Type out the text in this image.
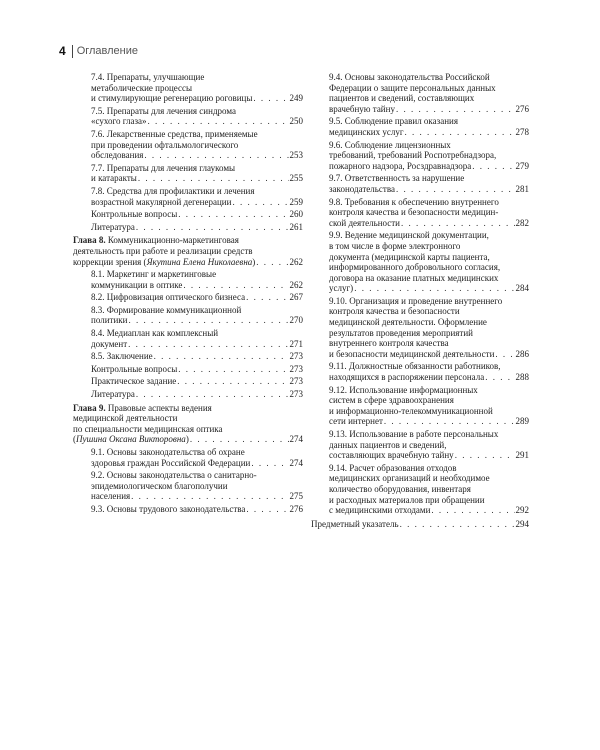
4 Оглавление
7.4. Препараты, улучшающие
метаболические процессы
и стимулирующие регенерацию роговицы . . .	249
7.5. Препараты для лечения синдрома
«сухого глаза» . . .	250
7.6. Лекарственные средства, применяемые
при проведении офтальмологического
обследования . . .	253
7.7. Препараты для лечения глаукомы
и катаракты . . .	255
7.8. Средства для профилактики и лечения
возрастной макулярной дегенерации . . .	259
Контрольные вопросы . . .	260
Литература . . .	261
Глава 8. Коммуникационно-маркетинговая
деятельность при работе и реализации средств
коррекции зрения (Якутина Елена Николаевна) . . .	262
8.1. Маркетинг и маркетинговые
коммуникации в оптике . . .	262
8.2. Цифровизация оптического бизнеса . . .	267
8.3. Формирование коммуникационной
политики . . .	270
8.4. Медиаплан как комплексный
документ . . .	271
8.5. Заключение . . .	273
Контрольные вопросы . . .	273
Практическое задание . . .	273
Литература . . .	273
Глава 9. Правовые аспекты ведения
медицинской деятельности
по специальности медицинская оптика
(Пушина Оксана Викторовна) . . .	274
9.1. Основы законодательства об охране
здоровья граждан Российской Федерации . . .	274
9.2. Основы законодательства о санитарно-
эпидемиологическом благополучии
населения . . .	275
9.3. Основы трудового законодательства . . .	276
9.4. Основы законодательства Российской
Федерации о защите персональных данных
пациентов и сведений, составляющих
врачебную тайну . . .	276
9.5. Соблюдение правил оказания
медицинских услуг . . .	278
9.6. Соблюдение лицензионных
требований, требований Роспотребнадзора,
пожарного надзора, Росздравнадзора . . .	279
9.7. Ответственность за нарушение
законодательства . . .	281
9.8. Требования к обеспечению внутреннего
контроля качества и безопасности медицин-
ской деятельности . . .	282
9.9. Ведение медицинской документации,
в том числе в форме электронного
документа (медицинской карты пациента,
информированного добровольного согласия,
договора на оказание платных медицинских
услуг) . . .	284
9.10. Организация и проведение внутреннего
контроля качества и безопасности
медицинской деятельности. Оформление
результатов проведения мероприятий
внутреннего контроля качества
и безопасности медицинской деятельности . . . 286
9.11. Должностные обязанности работников,
находящихся в распоряжении персонала . . .	288
9.12. Использование информационных
систем в сфере здравоохранения
и информационно-телекоммуникационной
сети интернет . . .	289
9.13. Использование в работе персональных
данных пациентов и сведений,
составляющих врачебную тайну . . .	291
9.14. Расчет образования отходов
медицинских организаций и необходимое
количество оборудования, инвентаря
и расходных материалов при обращении
с медицинскими отходами . . .	292
Предметный указатель . . .	294
